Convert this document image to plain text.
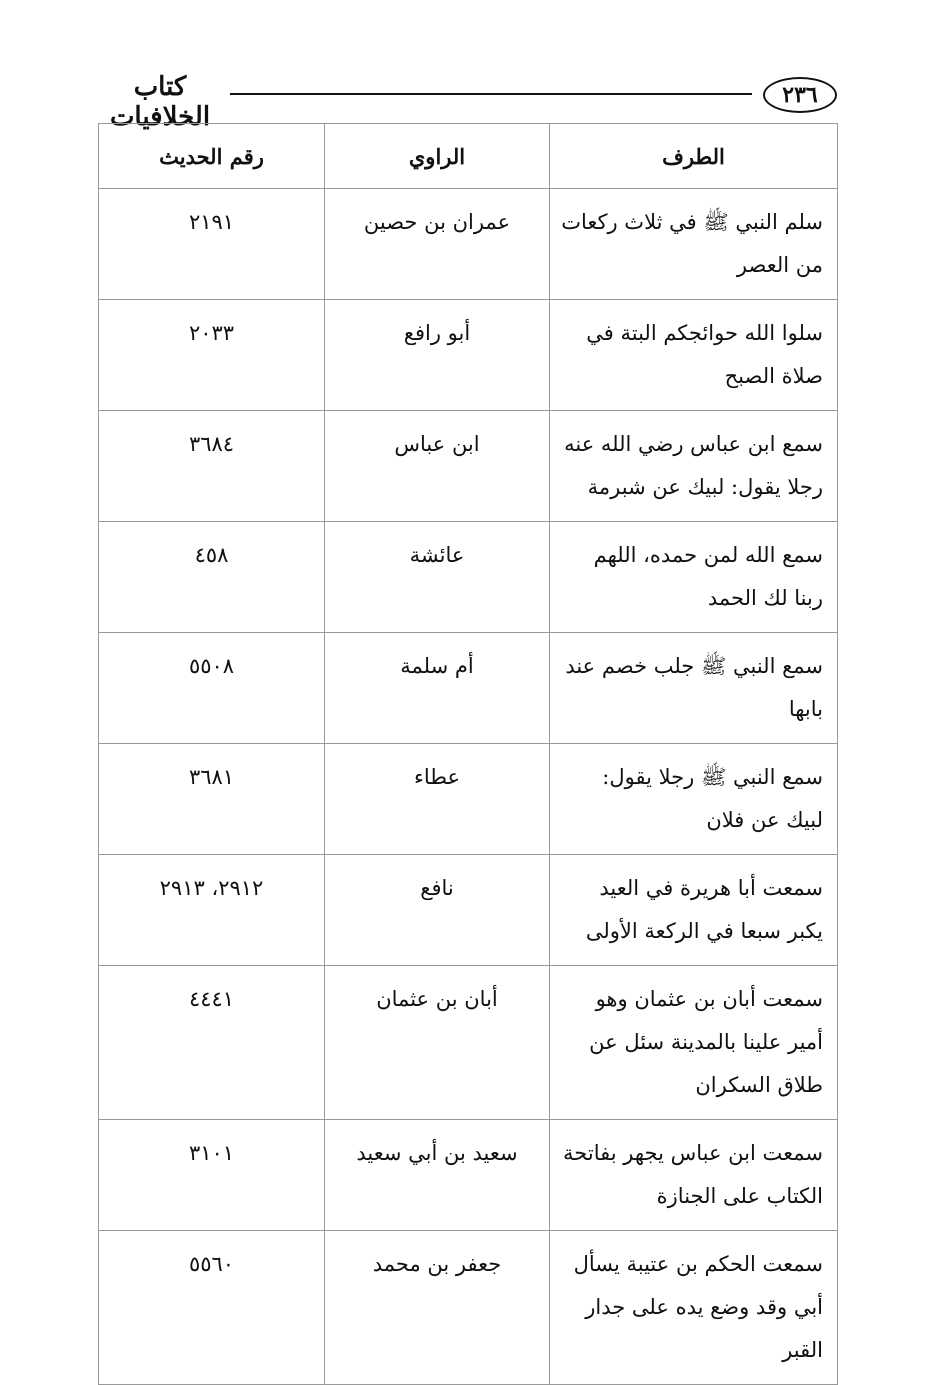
٢٣٦
كتاب الخلافيات
الطرف	الراوي	رقم الحديث
سلم النبي ﷺ في ثلاث ركعات من العصر	عمران بن حصين	٢١٩١
سلوا الله حوائجكم البتة في صلاة الصبح	أبو رافع	٢٠٣٣
سمع ابن عباس رضي الله عنه رجلا يقول: لبيك عن شبرمة	ابن عباس	٣٦٨٤
سمع الله لمن حمده، اللهم ربنا لك الحمد	عائشة	٤٥٨
سمع النبي ﷺ جلب خصم عند بابها	أم سلمة	٥٥٠٨
سمع النبي ﷺ رجلا يقول: لبيك عن فلان	عطاء	٣٦٨١
سمعت أبا هريرة في العيد يكبر سبعا في الركعة الأولى	نافع	٢٩١٢، ٢٩١٣
سمعت أبان بن عثمان وهو أمير علينا بالمدينة سئل عن طلاق السكران	أبان بن عثمان	٤٤٤١
سمعت ابن عباس يجهر بفاتحة الكتاب على الجنازة	سعيد بن أبي سعيد	٣١٠١
سمعت الحكم بن عتيبة يسأل أبي وقد وضع يده على جدار القبر	جعفر بن محمد	٥٥٦٠
